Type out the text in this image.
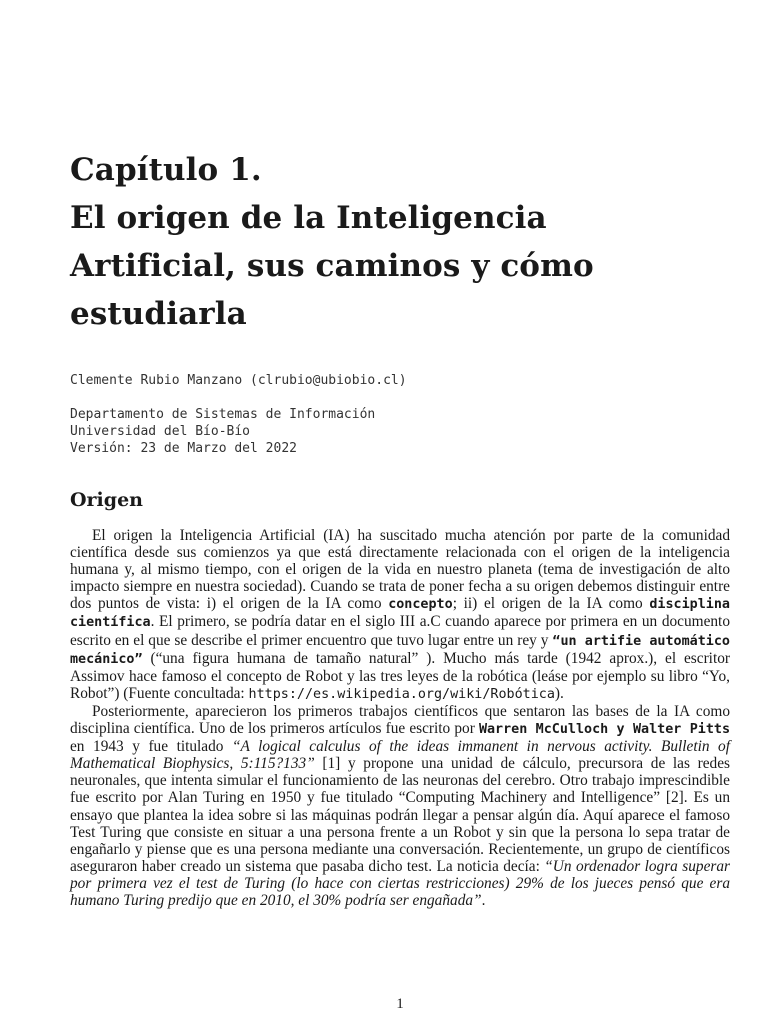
Capítulo 1.
El origen de la Inteligencia
Artificial, sus caminos y cómo
estudiarla
Clemente Rubio Manzano (clrubio@ubiobio.cl)
Departamento de Sistemas de Información
Universidad del Bío-Bío
Versión: 23 de Marzo del 2022
Origen

El origen la Inteligencia Artificial (IA) ha suscitado mucha atención por parte de la comunidad científica desde sus comienzos ya que está directamente relacionada con el origen de la inteligencia humana y, al mismo tiempo, con el origen de la vida en nuestro planeta (tema de investigación de alto impacto siempre en nuestra sociedad). Cuando se trata de poner fecha a su origen debemos distinguir entre dos puntos de vista: i) el origen de la IA como concepto; ii) el origen de la IA como disciplina científica. El primero, se podría datar en el siglo III a.C cuando aparece por primera en un documento escrito en el que se describe el primer encuentro que tuvo lugar entre un rey y “un artifie automático mecánico” (“una figura humana de tamaño natural” ). Mucho más tarde (1942 aprox.), el escritor Assimov hace famoso el concepto de Robot y las tres leyes de la robótica (leáse por ejemplo su libro “Yo, Robot”) (Fuente concultada: https://es.wikipedia.org/wiki/Robótica).

Posteriormente, aparecieron los primeros trabajos científicos que sentaron las bases de la IA como disciplina científica. Uno de los primeros artículos fue escrito por Warren McCulloch y Walter Pitts en 1943 y fue titulado “A logical calculus of the ideas immanent in nervous activity. Bulletin of Mathematical Biophysics, 5:115?133” [1] y propone una unidad de cálculo, precursora de las redes neuronales, que intenta simular el funcionamiento de las neuronas del cerebro. Otro trabajo imprescindible fue escrito por Alan Turing en 1950 y fue titulado “Computing Machinery and Intelligence” [2]. Es un ensayo que plantea la idea sobre si las máquinas podrán llegar a pensar algún día. Aquí aparece el famoso Test Turing que consiste en situar a una persona frente a un Robot y sin que la persona lo sepa tratar de engañarlo y piense que es una persona mediante una conversación. Recientemente, un grupo de científicos aseguraron haber creado un sistema que pasaba dicho test. La noticia decía: “Un ordenador logra superar por primera vez el test de Turing (lo hace con ciertas restricciones) 29% de los jueces pensó que era humano Turing predijo que en 2010, el 30% podría ser engañada”.

1
